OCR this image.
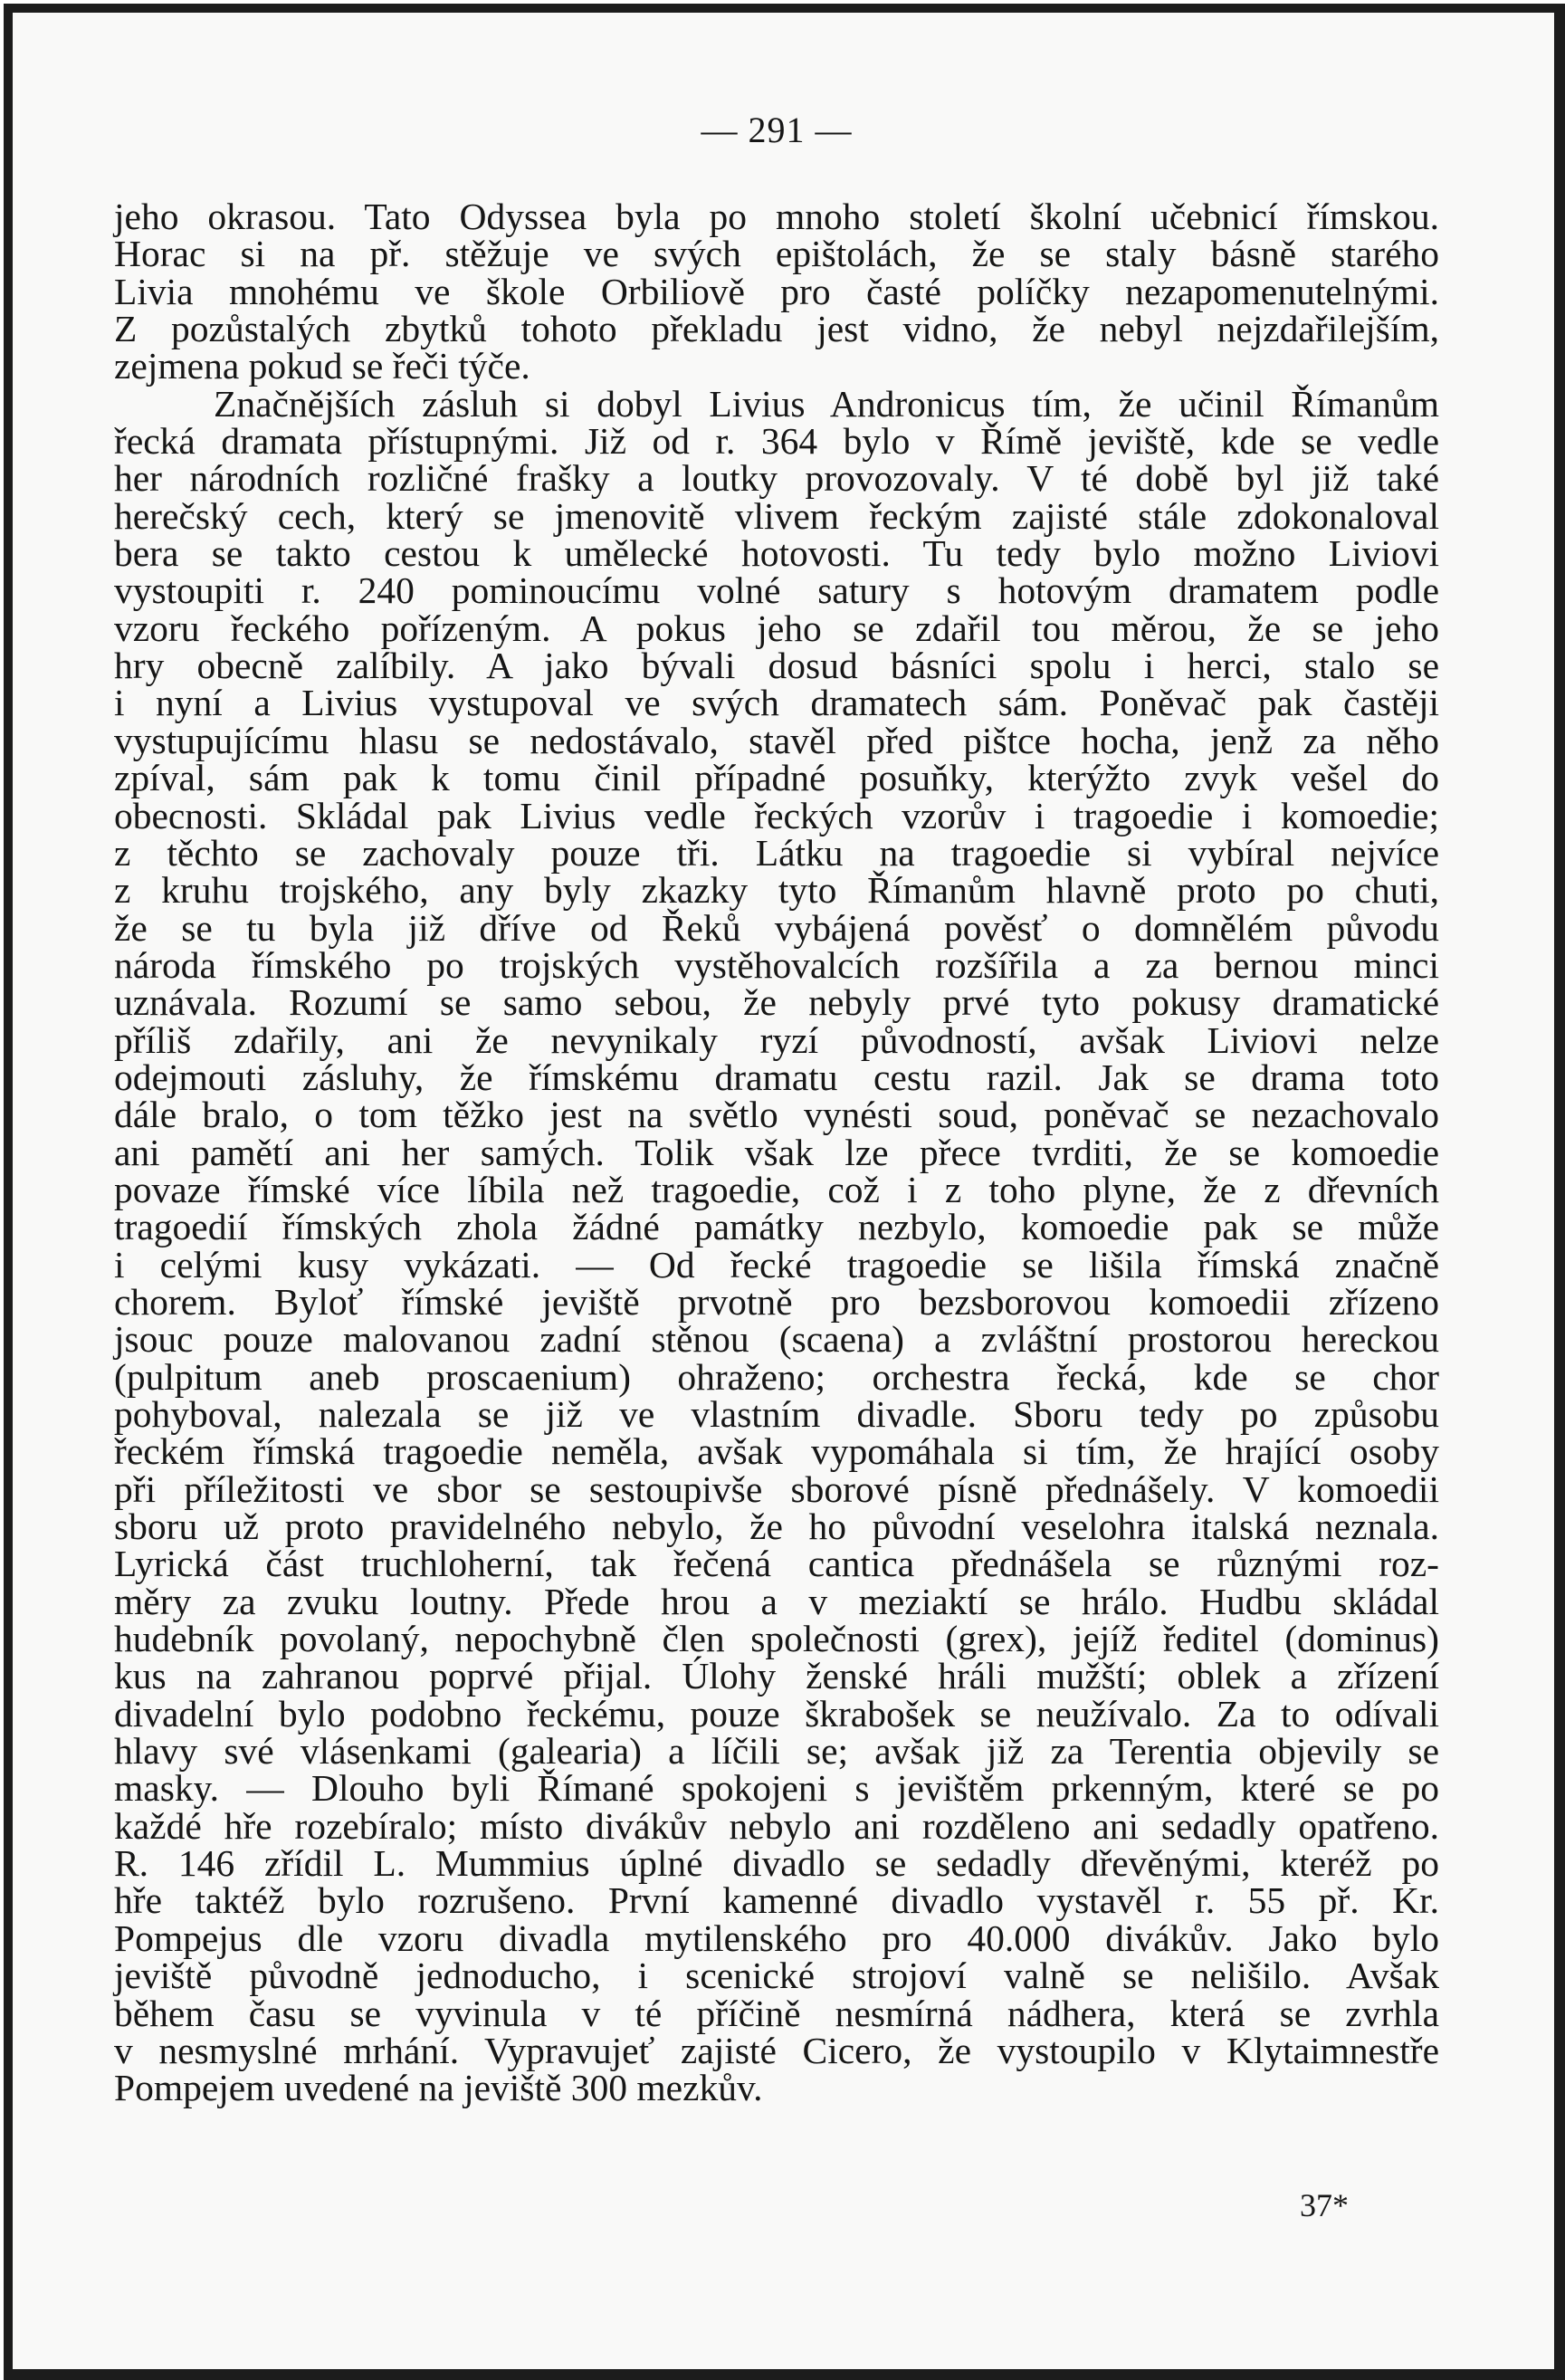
— 291 —
jeho okrasou. Tato Odyssea byla po mnoho století školní učebnicí římskou.
Horac si na př. stěžuje ve svých epištolách, že se staly básně starého
Livia mnohému ve škole Orbiliově pro časté políčky nezapomenutelnými.
Z pozůstalých zbytků tohoto překladu jest vidno, že nebyl nejzdařilejším,
zejmena pokud se řeči týče.
Značnějších zásluh si dobyl Livius Andronicus tím, že učinil Římanům
řecká dramata přístupnými. Již od r. 364 bylo v Římě jeviště, kde se vedle
her národních rozličné frašky a loutky provozovaly. V té době byl již také
herečský cech, který se jmenovitě vlivem řeckým zajisté stále zdokonaloval
bera se takto cestou k umělecké hotovosti. Tu tedy bylo možno Liviovi
vystoupiti r. 240 pominoucímu volné satury s hotovým dramatem podle
vzoru řeckého pořízeným. A pokus jeho se zdařil tou měrou, že se jeho
hry obecně zalíbily. A jako bývali dosud básníci spolu i herci, stalo se
i nyní a Livius vystupoval ve svých dramatech sám. Poněvač pak častěji
vystupujícímu hlasu se nedostávalo, stavěl před pištce hocha, jenž za něho
zpíval, sám pak k tomu činil případné posuňky, kterýžto zvyk vešel do
obecnosti. Skládal pak Livius vedle řeckých vzorův i tragoedie i komoedie;
z těchto se zachovaly pouze tři. Látku na tragoedie si vybíral nejvíce
z kruhu trojského, any byly zkazky tyto Římanům hlavně proto po chuti,
že se tu byla již dříve od Řeků vybájená pověsť o domnělém původu
národa římského po trojských vystěhovalcích rozšířila a za bernou minci
uznávala. Rozumí se samo sebou, že nebyly prvé tyto pokusy dramatické
příliš zdařily, ani že nevynikaly ryzí původností, avšak Liviovi nelze
odejmouti zásluhy, že římskému dramatu cestu razil. Jak se drama toto
dále bralo, o tom těžko jest na světlo vynésti soud, poněvač se nezachovalo
ani pamětí ani her samých. Tolik však lze přece tvrditi, že se komoedie
povaze římské více líbila než tragoedie, což i z toho plyne, že z dřevních
tragoedií římských zhola žádné památky nezbylo, komoedie pak se může
i celými kusy vykázati. — Od řecké tragoedie se lišila římská značně
chorem. Byloť římské jeviště prvotně pro bezsborovou komoedii zřízeno
jsouc pouze malovanou zadní stěnou (scaena) a zvláštní prostorou hereckou
(pulpitum aneb proscaenium) ohraženo; orchestra řecká, kde se chor
pohyboval, nalezala se již ve vlastním divadle. Sboru tedy po způsobu
řeckém římská tragoedie neměla, avšak vypomáhala si tím, že hrající osoby
při příležitosti ve sbor se sestoupivše sborové písně přednášely. V komoedii
sboru už proto pravidelného nebylo, že ho původní veselohra italská neznala.
Lyrická část truchloherní, tak řečená cantica přednášela se různými roz-
měry za zvuku loutny. Přede hrou a v meziaktí se hrálo. Hudbu skládal
hudebník povolaný, nepochybně člen společnosti (grex), jejíž ředitel (dominus)
kus na zahranou poprvé přijal. Úlohy ženské hráli mužští; oblek a zřízení
divadelní bylo podobno řeckému, pouze škrabošek se neužívalo. Za to odívali
hlavy své vlásenkami (galearia) a líčili se; avšak již za Terentia objevily se
masky. — Dlouho byli Římané spokojeni s jevištěm prkenným, které se po
každé hře rozebíralo; místo divákův nebylo ani rozděleno ani sedadly opatřeno.
R. 146 zřídil L. Mummius úplné divadlo se sedadly dřevěnými, kteréž po
hře taktéž bylo rozrušeno. První kamenné divadlo vystavěl r. 55 př. Kr.
Pompejus dle vzoru divadla mytilenského pro 40.000 divákův. Jako bylo
jeviště původně jednoducho, i scenické strojoví valně se nelišilo. Avšak
během času se vyvinula v té příčině nesmírná nádhera, která se zvrhla
v nesmyslné mrhání. Vypravujeť zajisté Cicero, že vystoupilo v Klytaimnestře
Pompejem uvedené na jeviště 300 mezkův.
37*
